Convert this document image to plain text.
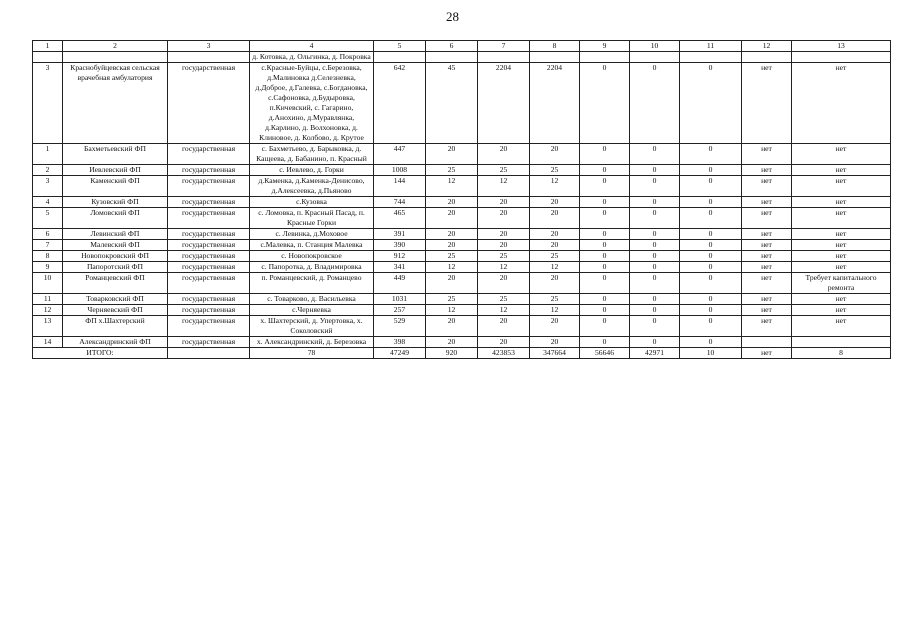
28
1	2	3	4	5	6	7	8	9	10	11	12	13
			д. Котовка, д. Ольгинка, д. Покровка									
3	Краснобуйцевская сельская врачебная амбулатория	государственная	с.Красные-Буйцы, с.Березовка, д.Малиновка д.Селезневка, д.Доброе, д.Галевка, с.Богдановка, с.Сафоновка, д.Будыровка, п.Кичевский, с. Гагарино, д.Анохино, д.Муравлянка, д.Карлино, д. Волхоновка, д. Клиновое, д. Колбово, д. Крутое	642	45	2204	2204	0	0	0	нет	нет
1	Бахметьевский ФП	государственная	с. Бахметьево, д. Барыковка, д. Кащеева, д. Бабанино, п. Красный	447	20	20	20	0	0	0	нет	нет
2	Иевлевский ФП	государственная	с. Иевлево, д. Горки	1008	25	25	25	0	0	0	нет	нет
3	Каменский ФП	государственная	д.Каменка, д.Каменка-Денисово, д.Алексеевка, д.Пьяново	144	12	12	12	0	0	0	нет	нет
4	Кузовский ФП	государственная	с.Кузовка	744	20	20	20	0	0	0	нет	нет
5	Ломовский ФП	государственная	с. Ломовка, п. Красный Пасад, п. Красные Горки	465	20	20	20	0	0	0	нет	нет
6	Левинский ФП	государственная	с. Левинка, д.Моховое	391	20	20	20	0	0	0	нет	нет
7	Малевский ФП	государственная	с.Малевка, п. Станция Малевка	390	20	20	20	0	0	0	нет	нет
8	Новопокровский ФП	государственная	с. Новопокровское	912	25	25	25	0	0	0	нет	нет
9	Папоротский ФП	государственная	с. Папоротка, д. Владимировка	341	12	12	12	0	0	0	нет	нет
10	Романцевский ФП	государственная	п. Романцевский, д. Романцево	449	20	20	20	0	0	0	нет	Требует капитального ремонта
11	Товарковский ФП	государственная	с. Товарково, д. Васильевка	1031	25	25	25	0	0	0	нет	нет
12	Черняевский ФП	государственная	с.Черняевка	257	12	12	12	0	0	0	нет	нет
13	ФП х.Шахтерский	государственная	х. Шахтерский, д. Упертовка, х. Соколовский	529	20	20	20	0	0	0	нет	нет
14	Александринский ФП	государственная	х. Александринский, д. Березовка	398	20	20	20	0	0	0		
ИТОГО:			78	47249	920	423853	347664	56646	42971	10	нет	8
